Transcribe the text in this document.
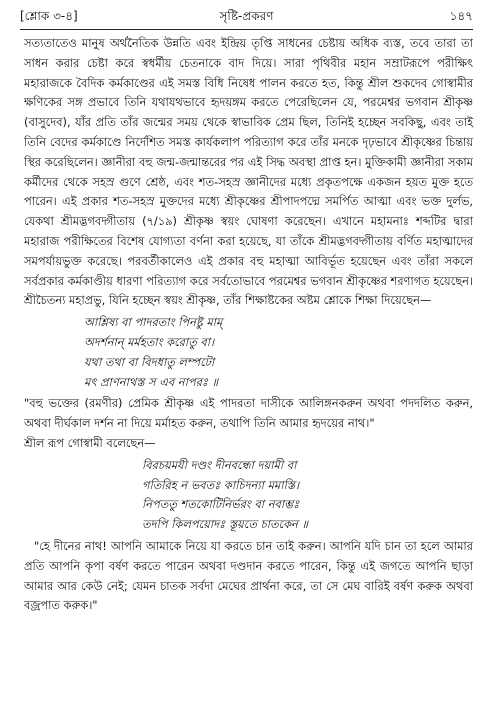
[শ্লোক ৩-৪]	সৃষ্টি-প্রকরণ	১৪৭

সত্যতাতেও মানুষ অর্থনৈতিক উন্নতি এবং ইন্দ্রিয় তৃপ্তি সাধনের চেষ্টায় অধিক ব্যস্ত, তবে তারা তা সাধন করার চেষ্টা করে স্বধর্মীয় চেতনাকে বাদ দিয়ে। সারা পৃথিবীর মহান সম্রাটরূপে পরীক্ষিৎ মহারাজকে বৈদিক কর্মকাণ্ডের এই সমস্ত বিধি নিষেধ পালন করতে হত, কিন্তু শ্রীল শুকদেব গোস্বামীর ক্ষণিকের সঙ্গ প্রভাবে তিনি যথাযথভাবে হৃদয়ঙ্গম করতে পেরেছিলেন যে, পরমেশ্বর ভগবান শ্রীকৃষ্ণ (বাসুদেব), যাঁর প্রতি তাঁর জন্মের সময় থেকে স্বাভাবিক প্রেম ছিল, তিনিই হচ্ছেন সবকিছু, এবং তাই তিনি বেদের কর্মকাণ্ডে নির্দেশিত সমস্ত কার্যকলাপ পরিত্যাগ করে তাঁর মনকে দৃঢ়ভাবে শ্রীকৃষ্ণের চিন্তায় স্থির করেছিলেন। জ্ঞানীরা বহু জন্ম-জন্মান্তরের পর এই সিদ্ধ অবস্থা প্রাপ্ত হন। মুক্তিকামী জ্ঞানীরা সকাম কর্মীদের থেকে সহস্র গুণে শ্রেষ্ঠ, এবং শত-সহস্র জ্ঞানীদের মধ্যে প্রকৃতপক্ষে একজন হয়ত মুক্ত হতে পারেন। এই প্রকার শত-সহস্র মুক্তদের মধ্যে শ্রীকৃষ্ণের শ্রীপাদপদ্মে সমর্পিত আত্মা এবং ভক্ত দুর্লভ, যেকথা শ্রীমদ্ভগবদ্গীতায় (৭/১৯) শ্রীকৃষ্ণ স্বয়ং ঘোষণা করেছেন। এখানে মহামনাঃ শব্দটির দ্বারা মহারাজ পরীক্ষিতের বিশেষ যোগ্যতা বর্ণনা করা হয়েছে, যা তাঁকে শ্রীমদ্ভগবদ্গীতায় বর্ণিত মহাত্মাদের সমপর্যায়ভুক্ত করেছে। পরবর্তীকালেও এই প্রকার বহু মহাত্মা আবির্ভূত হয়েছেন এবং তাঁরা সকলে সর্বপ্রকার কর্মকাণ্ডীয় ধারণা পরিত্যাগ করে সর্বতোভাবে পরমেশ্বর ভগবান শ্রীকৃষ্ণের শরণাগত হয়েছেন। শ্রীচৈতন্য মহাপ্রভু, যিনি হচ্ছেন স্বয়ং শ্রীকৃষ্ণ, তাঁর শিক্ষাষ্টকের অষ্টম শ্লোকে শিক্ষা দিয়েছেন—

আশ্লিষ্য বা পাদরতাং পিনষ্টু মাম্
অদর্শনান্ মর্মহতাং করোতু বা।
যথা তথা বা বিদধাতু লম্পটো
মৎ প্রাণনাথস্ত স এব নাপরঃ ॥

"বহু ভক্তের (রমণীর) প্রেমিক শ্রীকৃষ্ণ এই পাদরতা দাসীকে আলিঙ্গনকরুন অথবা পদদলিত করুন, অথবা দীর্ঘকাল দর্শন না দিয়ে মর্মাহত করুন, তথাপি তিনি আমার হৃদয়ের নাথ।"

শ্রীল রূপ গোস্বামী বলেছেন—

বিরচয়মযী দণ্ডং দীনবন্ধো দয়ামী বা
গতিরিহ ন ভবতঃ কাচিদন্যা মমাস্তি।
নিপততু শতকোটিনির্ভরং বা নবাম্ভঃ
তদপি কিলপয়োদঃ স্তূয়তে চাতকেন ॥

"হে দীনের নাথ! আপনি আমাকে নিয়ে যা করতে চান তাই করুন। আপনি যদি চান তা হলে আমার প্রতি আপনি কৃপা বর্ষণ করতে পারেন অথবা দণ্ডদান করতে পারেন, কিন্তু এই জগতে আপনি ছাড়া আমার আর কেউ নেই; যেমন চাতক সর্বদা মেঘের প্রার্থনা করে, তা সে মেঘ বারিই বর্ষণ করুক অথবা বজ্রপাত করুক।"
